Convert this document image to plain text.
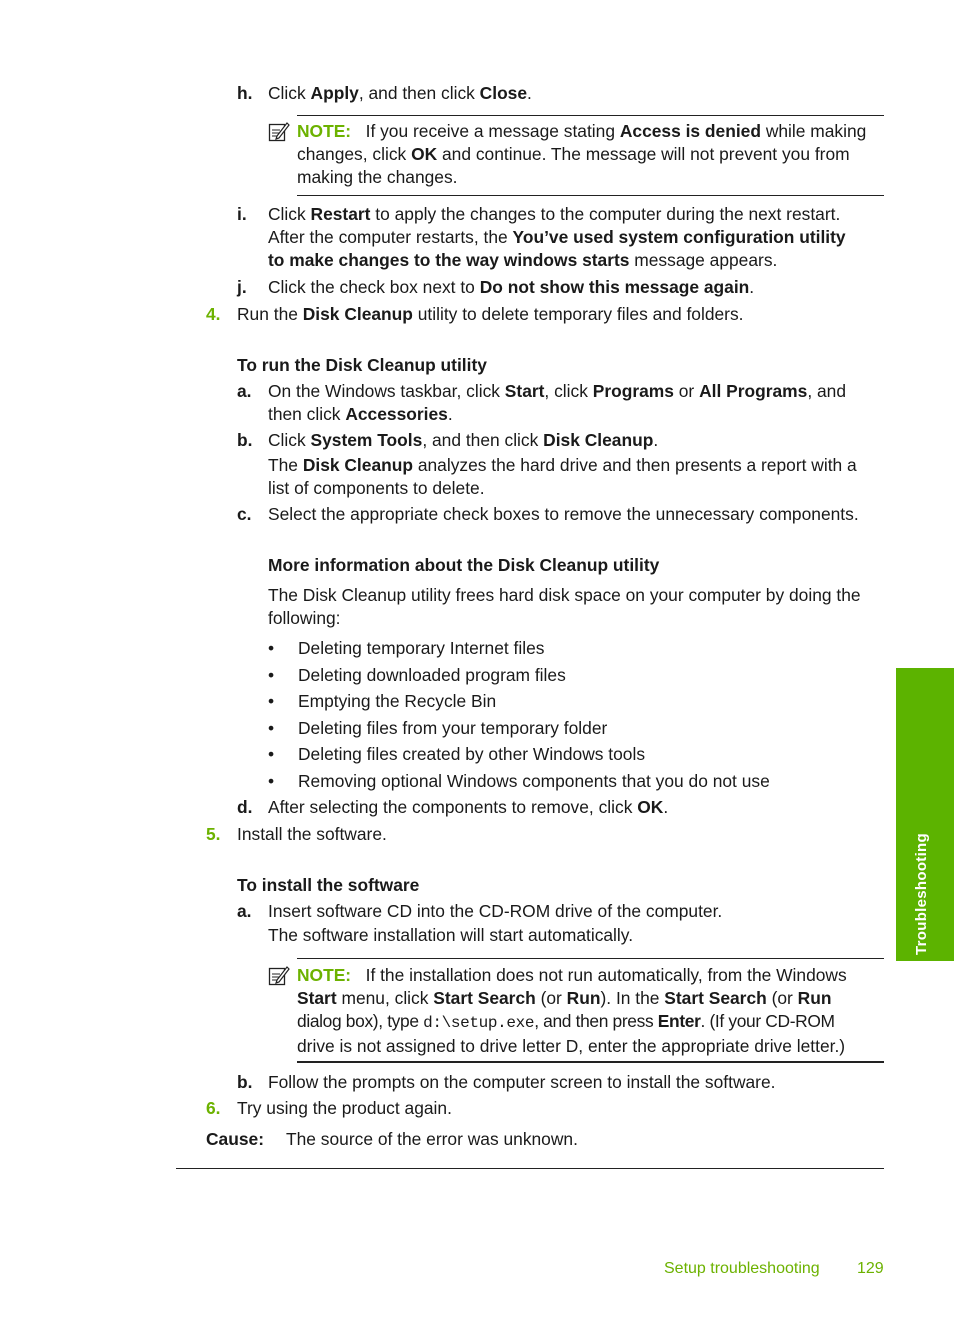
h. Click Apply, and then click Close.
NOTE: If you receive a message stating Access is denied while making
changes, click OK and continue. The message will not prevent you from
making the changes.
i. Click Restart to apply the changes to the computer during the next restart.
After the computer restarts, the You’ve used system configuration utility
to make changes to the way windows starts message appears.
j. Click the check box next to Do not show this message again.
4. Run the Disk Cleanup utility to delete temporary files and folders.
To run the Disk Cleanup utility
a. On the Windows taskbar, click Start, click Programs or All Programs, and
then click Accessories.
b. Click System Tools, and then click Disk Cleanup.
The Disk Cleanup analyzes the hard drive and then presents a report with a
list of components to delete.
c. Select the appropriate check boxes to remove the unnecessary components.
More information about the Disk Cleanup utility
The Disk Cleanup utility frees hard disk space on your computer by doing the
following:
• Deleting temporary Internet files
• Deleting downloaded program files
• Emptying the Recycle Bin
• Deleting files from your temporary folder
• Deleting files created by other Windows tools
• Removing optional Windows components that you do not use
d. After selecting the components to remove, click OK.
5. Install the software.
To install the software
a. Insert software CD into the CD-ROM drive of the computer.
The software installation will start automatically.
NOTE: If the installation does not run automatically, from the Windows
Start menu, click Start Search (or Run). In the Start Search (or Run
dialog box), type d:\setup.exe, and then press Enter. (If your CD-ROM
drive is not assigned to drive letter D, enter the appropriate drive letter.)
b. Follow the prompts on the computer screen to install the software.
6. Try using the product again.
Cause: The source of the error was unknown.
Troubleshooting
Setup troubleshooting 129
